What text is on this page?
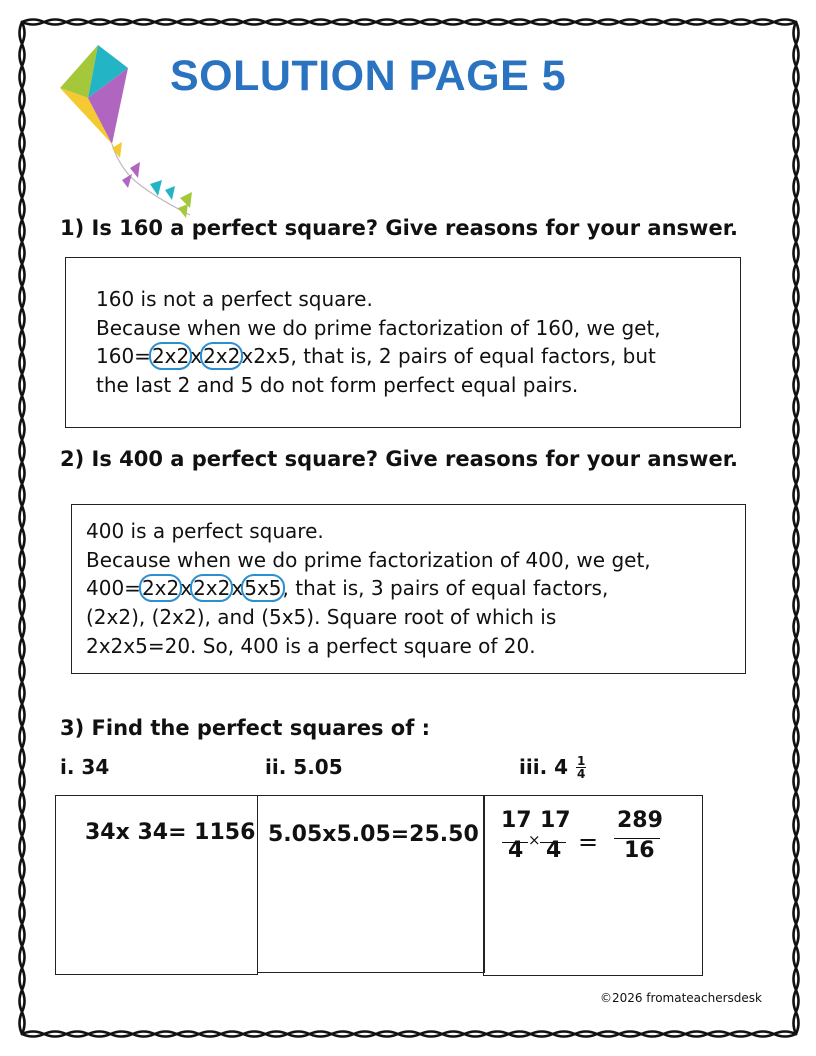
SOLUTION PAGE 5
1) Is 160 a perfect square? Give reasons for your answer.

160 is not a perfect square.

Because when we do prime factorization of 160, we get,

160=2x2x2x2x2x5, that is, 2 pairs of equal factors, but

the last 2 and 5 do not form perfect equal pairs.

2) Is 400 a perfect square? Give reasons for your answer.

400 is a perfect square.

Because when we do prime factorization of 400, we get,

400=2x2x2x2x5x5, that is, 3 pairs of equal factors,

(2x2), (2x2), and (5x5). Square root of which is

2x2x5=20. So, 400 is a perfect square of 20.

3) Find the perfect squares of :
i. 34	ii. 5.05	iii. $4 \frac{1}{4}$
34x 34= 1156 5.05x5.05=25.50
17 17
4 4
× =
289
16
©2026 fromateachersdesk
